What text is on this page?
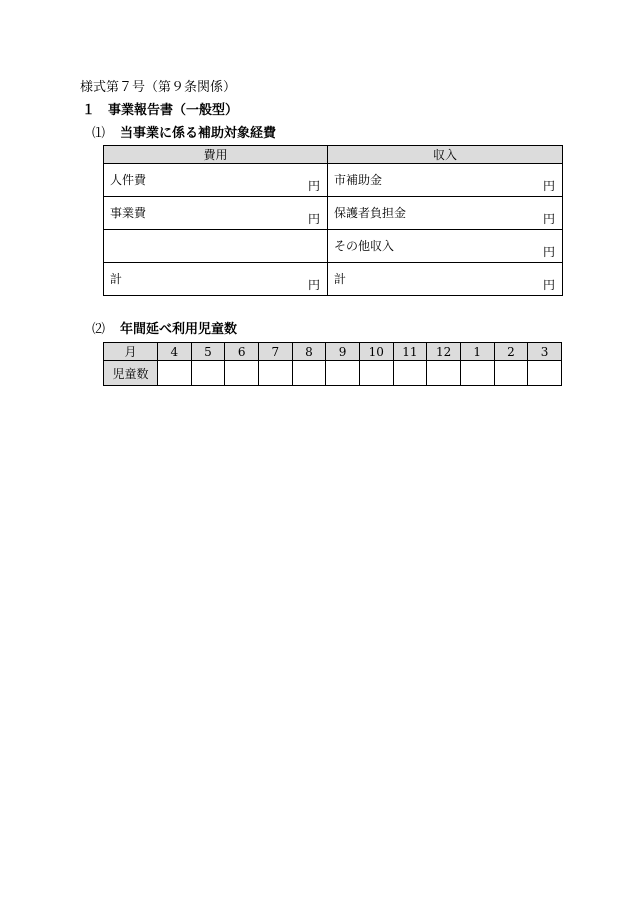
様式第７号（第９条関係）
１ 事業報告書（一般型）
⑴ 当事業に係る補助対象経費
費用	収入

人件費 円	市補助金 円

事業費 円	保護者負担金 円

	その他収入 円

計 円	計 円
⑵ 年間延べ利用児童数
月	4	5	6	7	8	9	10	11	12	1	2	3
児童数												
